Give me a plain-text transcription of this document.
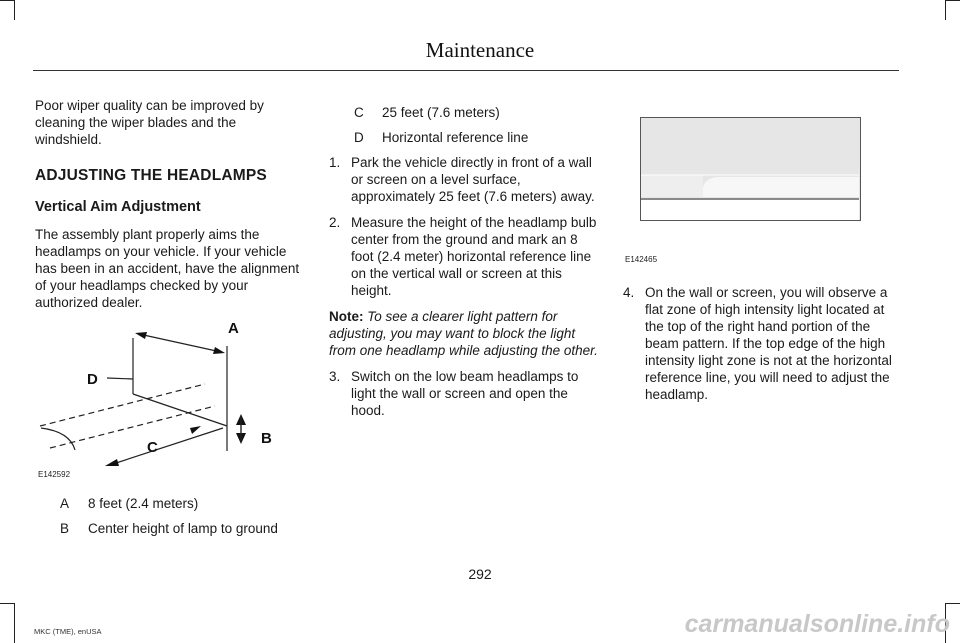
Maintenance

Poor wiper quality can be improved by cleaning the wiper blades and the windshield.

ADJUSTING THE HEADLAMPS

Vertical Aim Adjustment

The assembly plant properly aims the headlamps on your vehicle. If your vehicle has been in an accident, have the alignment of your headlamps checked by your authorized dealer.

A
D
B
C
E142592
A	8 feet (2.4 meters)
B	Center height of lamp to ground
C	25 feet (7.6 meters)
D	Horizontal reference line
1. Park the vehicle directly in front of a wall or screen on a level surface, approximately 25 feet (7.6 meters) away.
2. Measure the height of the headlamp bulb center from the ground and mark an 8 foot (2.4 meter) horizontal reference line on the vertical wall or screen at this height.

Note: To see a clearer light pattern for adjusting, you may want to block the light from one headlamp while adjusting the other.

3. Switch on the low beam headlamps to light the wall or screen and open the hood.
E142465
4. On the wall or screen, you will observe a flat zone of high intensity light located at the top of the right hand portion of the beam pattern. If the top edge of the high intensity light zone is not at the horizontal reference line, you will need to adjust the headlamp.
292
MKC (TME), enUSA	carmanualsonline.info
